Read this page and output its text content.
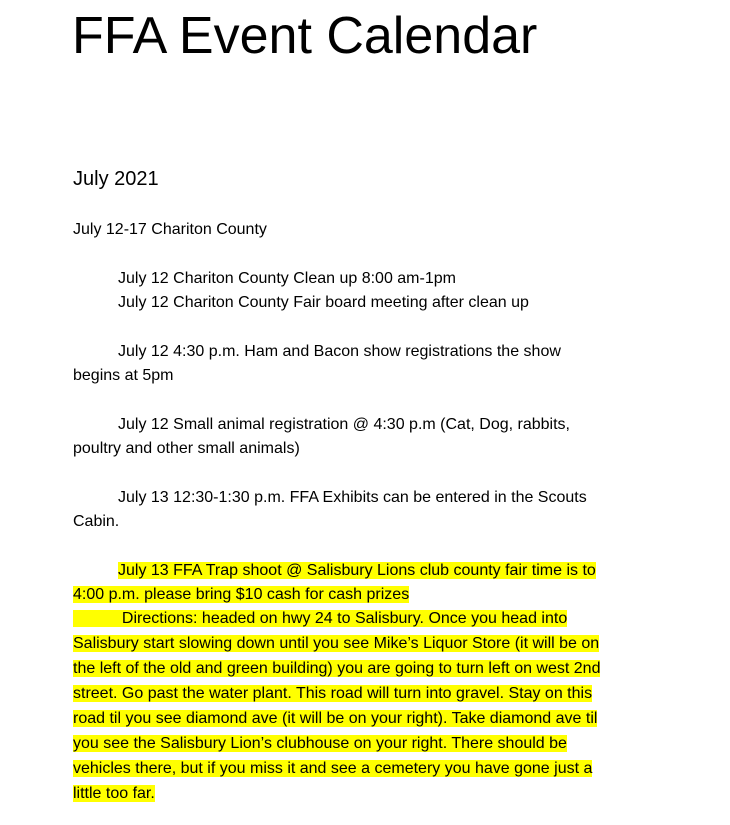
FFA Event Calendar
July 2021

July 12-17 Chariton County

July 12 Chariton County Clean up 8:00 am-1pm

July 12 Chariton County Fair board meeting after clean up

July 12 4:30 p.m. Ham and Bacon show registrations the show

begins at 5pm

July 12 Small animal registration @ 4:30 p.m (Cat, Dog, rabbits,

poultry and other small animals)

July 13 12:30-1:30 p.m. FFA Exhibits can be entered in the Scouts

Cabin.

July 13 FFA Trap shoot @ Salisbury Lions club county fair time is to

4:00 p.m. please bring $10 cash for cash prizes

Directions: headed on hwy 24 to Salisbury. Once you head into

Salisbury start slowing down until you see Mike’s Liquor Store (it will be on

the left of the old and green building) you are going to turn left on west 2nd

street. Go past the water plant. This road will turn into gravel. Stay on this

road til you see diamond ave (it will be on your right). Take diamond ave til

you see the Salisbury Lion’s clubhouse on your right. There should be

vehicles there, but if you miss it and see a cemetery you have gone just a

little too far.
